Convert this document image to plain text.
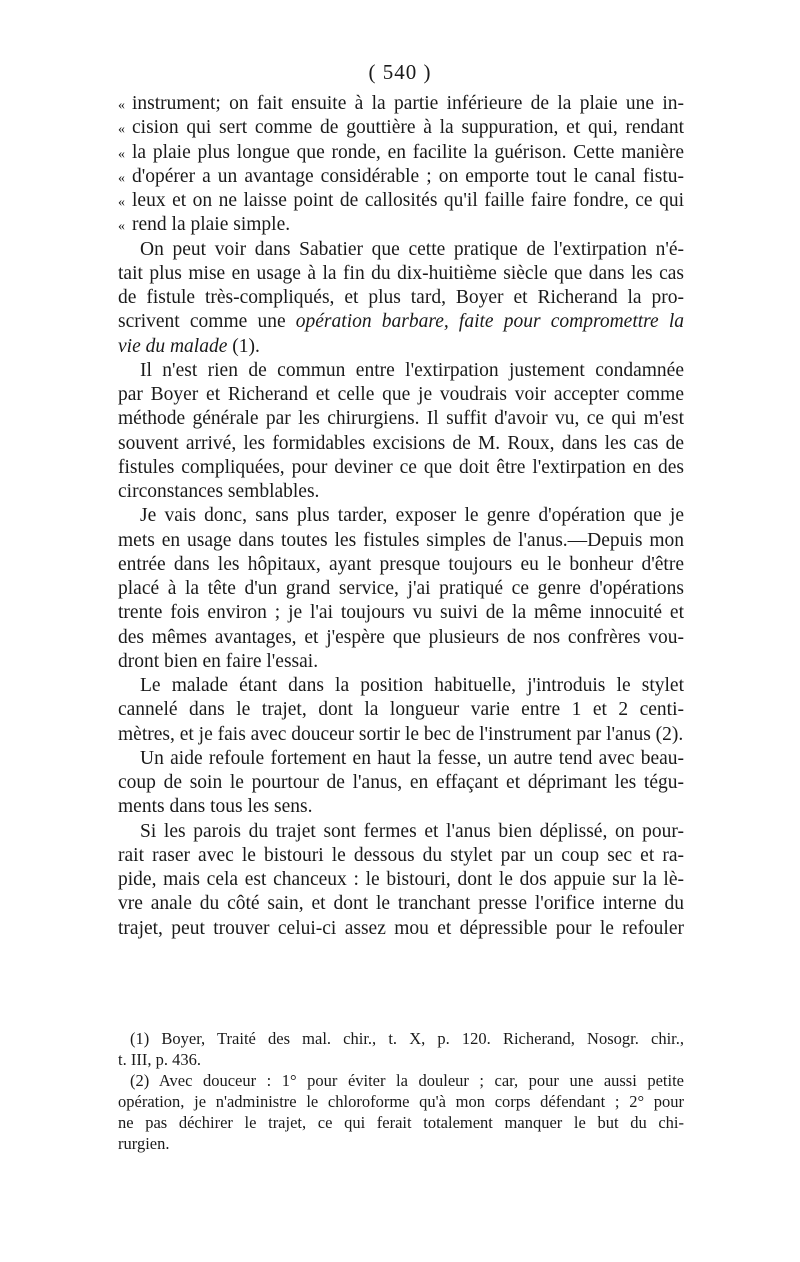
( 540 )
« instrument; on fait ensuite à la partie inférieure de la plaie une in-
« cision qui sert comme de gouttière à la suppuration, et qui, rendant
« la plaie plus longue que ronde, en facilite la guérison. Cette manière
« d'opérer a un avantage considérable ; on emporte tout le canal fistu-
« leux et on ne laisse point de callosités qu'il faille faire fondre, ce qui
« rend la plaie simple.
On peut voir dans Sabatier que cette pratique de l'extirpation n'é-
tait plus mise en usage à la fin du dix-huitième siècle que dans les cas
de fistule très-compliqués, et plus tard, Boyer et Richerand la pro-
scrivent comme une opération barbare, faite pour compromettre la
vie du malade (1).
Il n'est rien de commun entre l'extirpation justement condamnée
par Boyer et Richerand et celle que je voudrais voir accepter comme
méthode générale par les chirurgiens. Il suffit d'avoir vu, ce qui m'est
souvent arrivé, les formidables excisions de M. Roux, dans les cas de
fistules compliquées, pour deviner ce que doit être l'extirpation en des
circonstances semblables.
Je vais donc, sans plus tarder, exposer le genre d'opération que je
mets en usage dans toutes les fistules simples de l'anus.—Depuis mon
entrée dans les hôpitaux, ayant presque toujours eu le bonheur d'être
placé à la tête d'un grand service, j'ai pratiqué ce genre d'opérations
trente fois environ ; je l'ai toujours vu suivi de la même innocuité et
des mêmes avantages, et j'espère que plusieurs de nos confrères vou-
dront bien en faire l'essai.
Le malade étant dans la position habituelle, j'introduis le stylet
cannelé dans le trajet, dont la longueur varie entre 1 et 2 centi-
mètres, et je fais avec douceur sortir le bec de l'instrument par l'anus (2).
Un aide refoule fortement en haut la fesse, un autre tend avec beau-
coup de soin le pourtour de l'anus, en effaçant et déprimant les tégu-
ments dans tous les sens.
Si les parois du trajet sont fermes et l'anus bien déplissé, on pour-
rait raser avec le bistouri le dessous du stylet par un coup sec et ra-
pide, mais cela est chanceux : le bistouri, dont le dos appuie sur la lè-
vre anale du côté sain, et dont le tranchant presse l'orifice interne du
trajet, peut trouver celui-ci assez mou et dépressible pour le refouler
(1) Boyer, Traité des mal. chir., t. X, p. 120. Richerand, Nosogr. chir.,
t. III, p. 436.
(2) Avec douceur : 1° pour éviter la douleur ; car, pour une aussi petite
opération, je n'administre le chloroforme qu'à mon corps défendant ; 2° pour
ne pas déchirer le trajet, ce qui ferait totalement manquer le but du chi-
rurgien.
